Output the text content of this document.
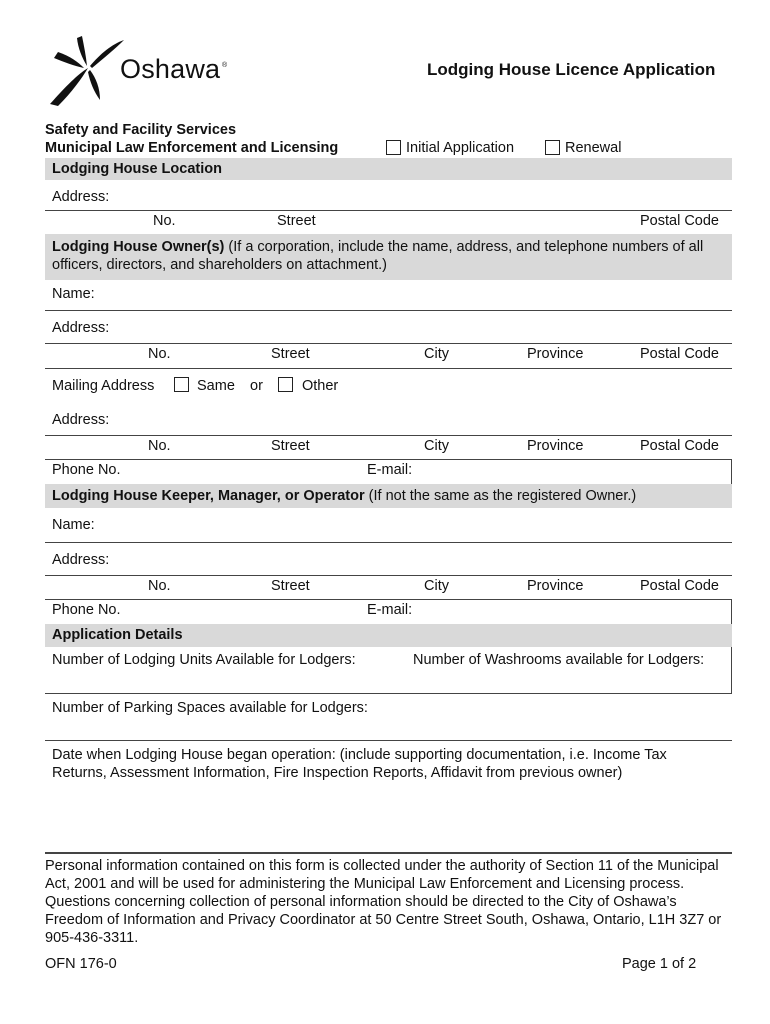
Oshawa ®	Lodging House Licence Application
Safety and Facility Services
Municipal Law Enforcement and Licensing	Initial Application	Renewal
Lodging House Location
Address:
No.	Street	Postal Code
Lodging House Owner(s) (If a corporation, include the name, address, and telephone numbers of all officers, directors, and shareholders on attachment.)
Name:
Address:
No.	Street	City	Province	Postal Code
Mailing Address	Same or	Other
Address:
No.	Street	City	Province	Postal Code
Phone No.	E-mail:
Lodging House Keeper, Manager, or Operator (If not the same as the registered Owner.)
Name:
Address:
No.	Street	City	Province	Postal Code
Phone No.	E-mail:
Application Details
Number of Lodging Units Available for Lodgers:	Number of Washrooms available for Lodgers:
Number of Parking Spaces available for Lodgers:
Date when Lodging House began operation: (include supporting documentation, i.e. Income Tax Returns, Assessment Information, Fire Inspection Reports, Affidavit from previous owner)
Personal information contained on this form is collected under the authority of Section 11 of the Municipal Act, 2001 and will be used for administering the Municipal Law Enforcement and Licensing process. Questions concerning collection of personal information should be directed to the City of Oshawa’s Freedom of Information and Privacy Coordinator at 50 Centre Street South, Oshawa, Ontario, L1H 3Z7 or 905-436-3311.
OFN 176-0	Page 1 of 2
